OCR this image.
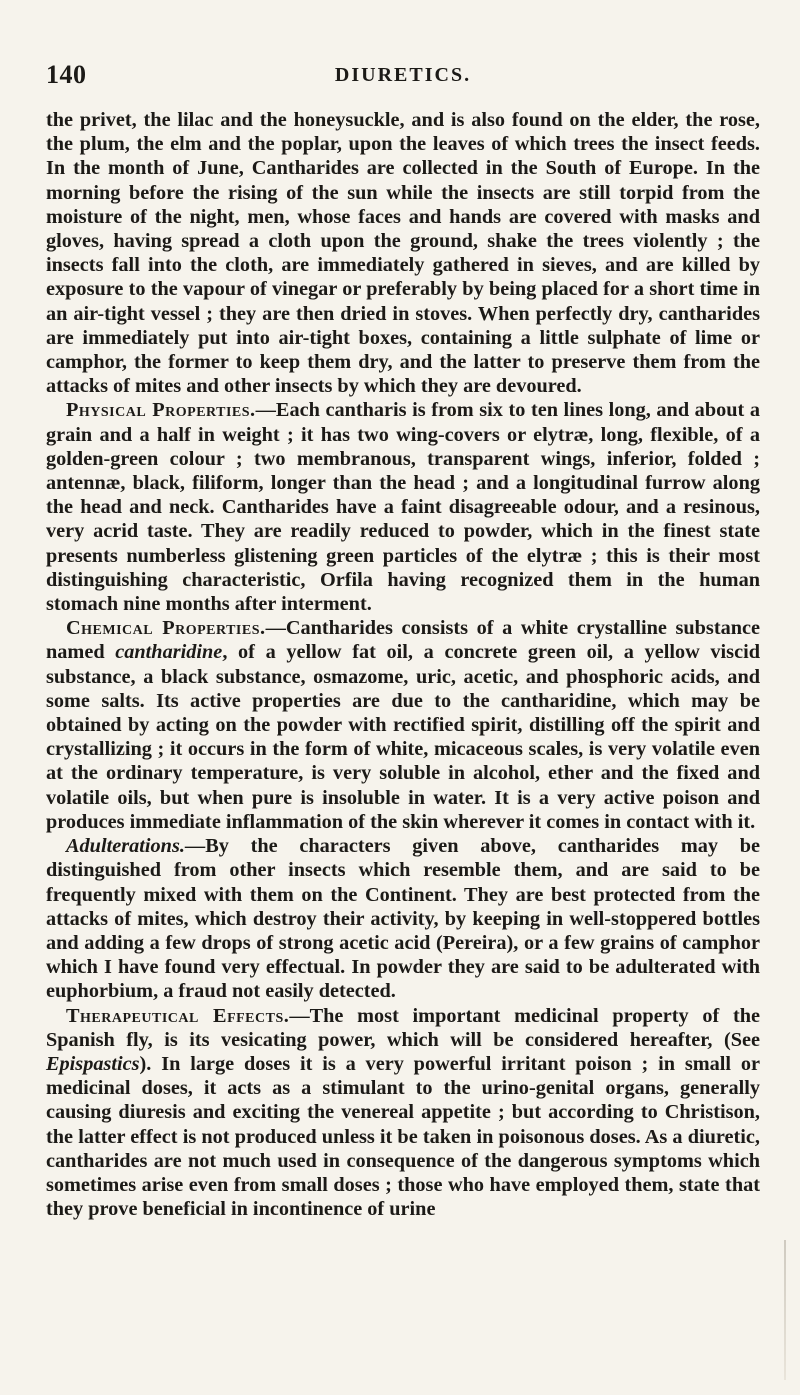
140	DIURETICS.

the privet, the lilac and the honeysuckle, and is also found on the elder, the rose, the plum, the elm and the poplar, upon the leaves of which trees the insect feeds. In the month of June, Cantharides are collected in the South of Europe. In the morning before the rising of the sun while the insects are still torpid from the moisture of the night, men, whose faces and hands are covered with masks and gloves, having spread a cloth upon the ground, shake the trees violently ; the insects fall into the cloth, are immediately gathered in sieves, and are killed by exposure to the vapour of vinegar or preferably by being placed for a short time in an air-tight vessel ; they are then dried in stoves. When perfectly dry, cantharides are immediately put into air-tight boxes, containing a little sulphate of lime or camphor, the former to keep them dry, and the latter to preserve them from the attacks of mites and other insects by which they are devoured.

Physical Properties.—Each cantharis is from six to ten lines long, and about a grain and a half in weight ; it has two wing-covers or elytræ, long, flexible, of a golden-green colour ; two membranous, transparent wings, inferior, folded ; antennæ, black, filiform, longer than the head ; and a longitudinal furrow along the head and neck. Cantharides have a faint disagreeable odour, and a resinous, very acrid taste. They are readily reduced to powder, which in the finest state presents numberless glistening green particles of the elytræ ; this is their most distinguishing characteristic, Orfila having recognized them in the human stomach nine months after interment.

Chemical Properties.—Cantharides consists of a white crystalline substance named cantharidine, of a yellow fat oil, a concrete green oil, a yellow viscid substance, a black substance, osmazome, uric, acetic, and phosphoric acids, and some salts. Its active properties are due to the cantharidine, which may be obtained by acting on the powder with rectified spirit, distilling off the spirit and crystallizing ; it occurs in the form of white, micaceous scales, is very volatile even at the ordinary temperature, is very soluble in alcohol, ether and the fixed and volatile oils, but when pure is insoluble in water. It is a very active poison and produces immediate inflammation of the skin wherever it comes in contact with it.

Adulterations.—By the characters given above, cantharides may be distinguished from other insects which resemble them, and are said to be frequently mixed with them on the Continent. They are best protected from the attacks of mites, which destroy their activity, by keeping in well-stoppered bottles and adding a few drops of strong acetic acid (Pereira), or a few grains of camphor which I have found very effectual. In powder they are said to be adulterated with euphorbium, a fraud not easily detected.

Therapeutical Effects.—The most important medicinal property of the Spanish fly, is its vesicating power, which will be considered hereafter, (See Epispastics). In large doses it is a very powerful irritant poison ; in small or medicinal doses, it acts as a stimulant to the urino-genital organs, generally causing diuresis and exciting the venereal appetite ; but according to Christison, the latter effect is not produced unless it be taken in poisonous doses. As a diuretic, cantharides are not much used in consequence of the dangerous symptoms which sometimes arise even from small doses ; those who have employed them, state that they prove beneficial in incontinence of urine
